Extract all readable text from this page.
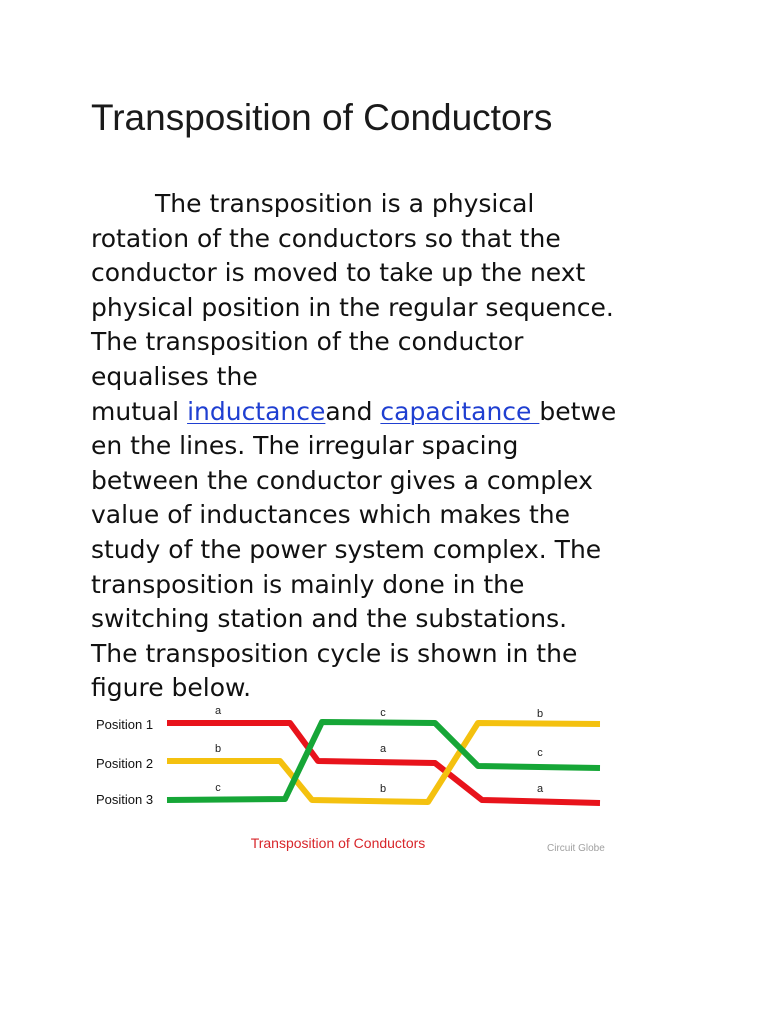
Transposition of Conductors
The transposition is a physical
rotation of the conductors so that the
conductor is moved to take up the next
physical position in the regular sequence.
The transposition of the conductor
equalises the
mutual inductanceand capacitance betwe
en the lines. The irregular spacing
between the conductor gives a complex
value of inductances which makes the
study of the power system complex. The
transposition is mainly done in the
switching station and the substations.
The transposition cycle is shown in the
figure below.
Position 1
Position 2
Position 3
a
b
c
c
a
b
b
c
a
Transposition of Conductors	Circuit Globe
